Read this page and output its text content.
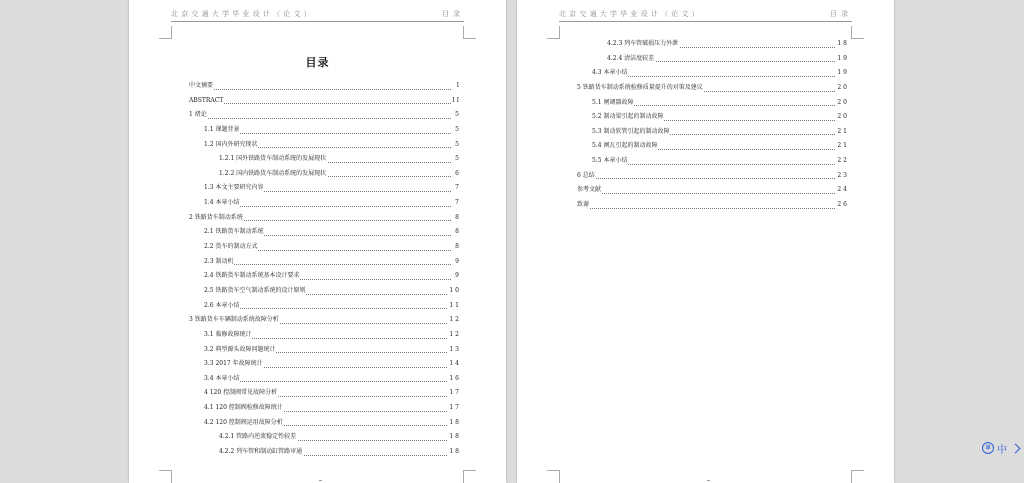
北京交通大学毕业设计（论文）	目录
目录
中文摘要	I
ABSTRACT	II
1 绪论	5
1.1 课题背景	5
1.2 国内外研究现状	5
1.2.1 国外铁路货车制动系统的发展现状	5
1.2.2 国内铁路货车制动系统的发展现状	6
1.3 本文主要研究内容	7
1.4 本章小结	7
2 铁路货车制动系统	8
2.1 铁路货车制动系统	8
2.2 货车的制动方式	8
2.3 制动机	9
2.4 铁路货车制动系统基本设计要求	9
2.5 铁路货车空气制动系统的设计原则	10
2.6 本章小结	11
3 铁路货车车辆制动系统故障分析	12
3.1 临修故障统计	12
3.2 典型源头故障问题统计	13
3.3 2017 年故障统计	14
3.4 本章小结	16
4 120 控制阀常见故障分析	17
4.1 120 控制阀检修故障统计	17
4.2 120 控制阀运用故障分析	18
4.2.1 管路内逆流稳定性较差	18
4.2.2 列车管和制动缸管路审通	18
北京交通大学毕业设计（论文）	目录
4.2.3 列车管破损压力外泄	18
4.2.4 清洁度较差	19
4.3 本章小结	19
5 铁路货车制动系统检修质量提升的对策及建议	20
5.1 闸调器故障	20
5.2 制动梁引起的制动故障	20
5.3 制动软管引起的制动故障	21
5.4 闸瓦引起的制动故障	21
5.5 本章小结	22
6 总结	23
参考文献	24
致谢	26
译 中
